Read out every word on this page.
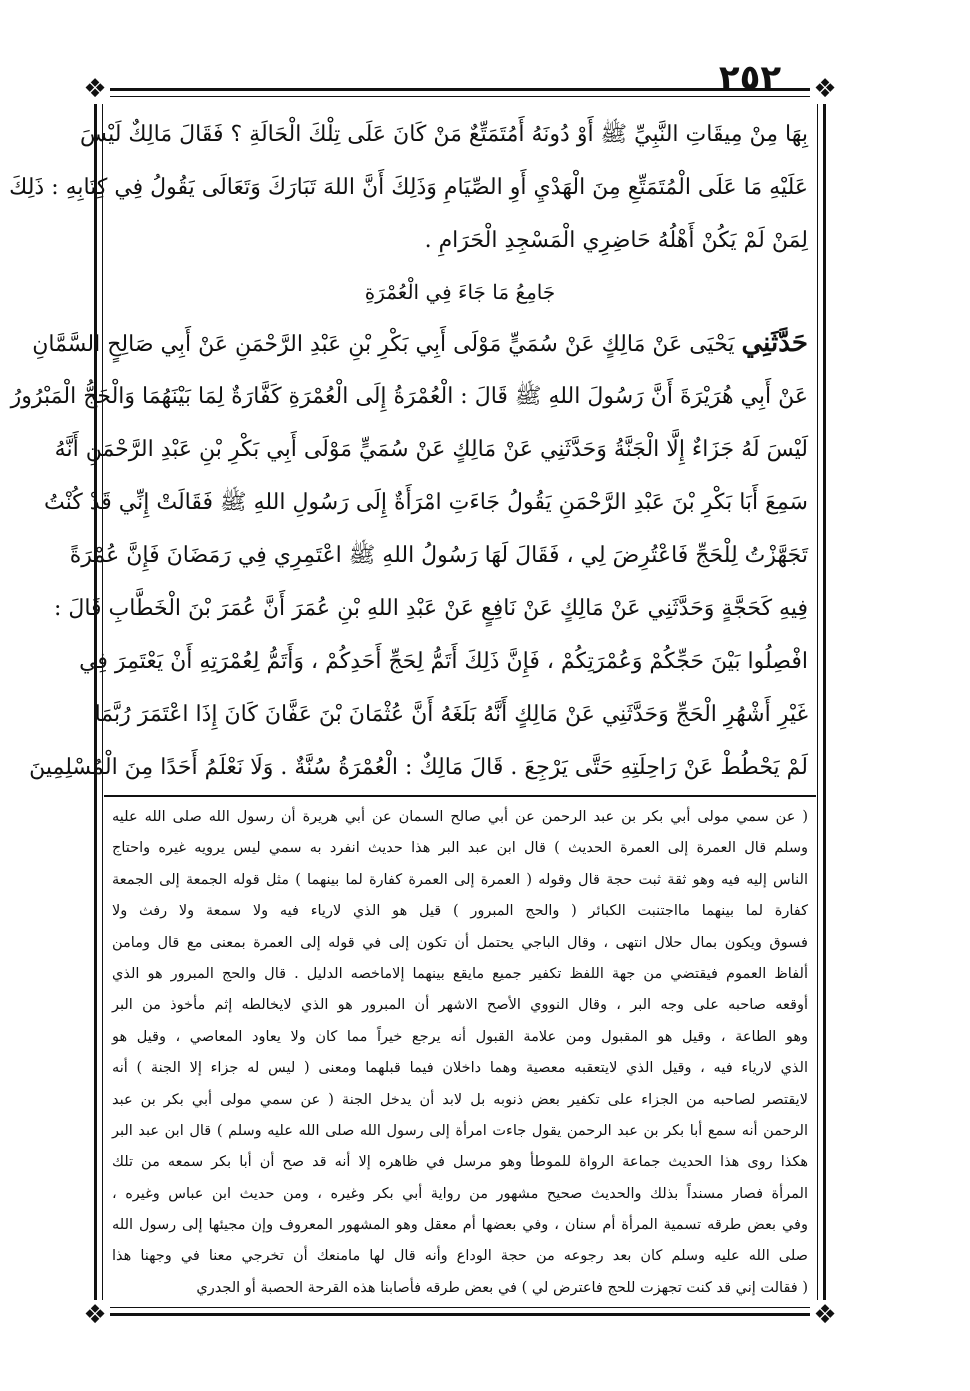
٢٥٢
❖	❖
❖	❖
بِهَا مِنْ مِيقَاتِ النَّبِيِّ ﷺ أَوْ دُونَهُ أَمُتَمَتِّعٌ مَنْ كَانَ عَلَى تِلْكَ الْحَالَةِ ؟ فَقَالَ مَالِكٌ لَيْسَ
عَلَيْهِ مَا عَلَى الْمُتَمَتِّعِ مِنَ الْهَدْيِ أَوِ الصِّيَامِ وَذَلِكَ أَنَّ اللهَ تَبَارَكَ وَتَعَالَى يَقُولُ فِي كِتَابِهِ : ذَلِكَ
لِمَنْ لَمْ يَكُنْ أَهْلُهُ حَاضِرِي الْمَسْجِدِ الْحَرَامِ .
جَامِعُ مَا جَاءَ فِي الْعُمْرَةِ
حَدَّثَنِي يَحْيَى عَنْ مَالِكٍ عَنْ سُمَيٍّ مَوْلَى أَبِي بَكْرِ بْنِ عَبْدِ الرَّحْمَنِ عَنْ أَبِي صَالِحٍ السَّمَّانِ
عَنْ أَبِي هُرَيْرَةَ أَنَّ رَسُولَ اللهِ ﷺ قَالَ : الْعُمْرَةُ إِلَى الْعُمْرَةِ كَفَّارَةٌ لِمَا بَيْنَهُمَا وَالْحَجُّ الْمَبْرُورُ
لَيْسَ لَهُ جَزَاءٌ إِلَّا الْجَنَّةُ وَحَدَّثَنِي عَنْ مَالِكٍ عَنْ سُمَيٍّ مَوْلَى أَبِي بَكْرِ بْنِ عَبْدِ الرَّحْمَنِ أَنَّهُ
سَمِعَ أَبَا بَكْرِ بْنَ عَبْدِ الرَّحْمَنِ يَقُولُ جَاءَتِ امْرَأَةٌ إِلَى رَسُولِ اللهِ ﷺ فَقَالَتْ إِنِّي قَدْ كُنْتُ
تَجَهَّزْتُ لِلْحَجِّ فَاعْتُرِضَ لِي ، فَقَالَ لَهَا رَسُولُ اللهِ ﷺ اعْتَمِرِي فِي رَمَضَانَ فَإِنَّ عُمْرَةً
فِيهِ كَحَجَّةٍ وَحَدَّثَنِي عَنْ مَالِكٍ عَنْ نَافِعٍ عَنْ عَبْدِ اللهِ بْنِ عُمَرَ أَنَّ عُمَرَ بْنَ الْخَطَّابِ قَالَ :
افْصِلُوا بَيْنَ حَجِّكُمْ وَعُمْرَتِكُمْ ، فَإِنَّ ذَلِكَ أَتَمُّ لِحَجِّ أَحَدِكُمْ ، وَأَتَمُّ لِعُمْرَتِهِ أَنْ يَعْتَمِرَ فِي
غَيْرِ أَشْهُرِ الْحَجِّ وَحَدَّثَنِي عَنْ مَالِكٍ أَنَّهُ بَلَغَهُ أَنَّ عُثْمَانَ بْنَ عَفَّانَ كَانَ إِذَا اعْتَمَرَ رُبَّمَا
لَمْ يَحْطُطْ عَنْ رَاحِلَتِهِ حَتَّى يَرْجِعَ . قَالَ مَالِكٌ : الْعُمْرَةُ سُنَّةٌ . وَلَا نَعْلَمُ أَحَدًا مِنَ الْمُسْلِمِينَ
( عن سمي مولى أبي بكر بن عبد الرحمن عن أبي صالح السمان عن أبي هريرة أن رسول الله صلى الله عليه
وسلم قال العمرة إلى العمرة الحديث ) قال ابن عبد البر هذا حديث انفرد به سمي ليس يرويه غيره واحتاج
الناس إليه فيه وهو ثقة ثبت حجة قال وقوله ( العمرة إلى العمرة كفارة لما بينهما ) مثل قوله الجمعة إلى الجمعة
كفارة لما بينهما مااجتنبت الكبائر ( والحج المبرور ) قيل هو الذي لارياء فيه ولا سمعة ولا رفث ولا
فسوق ويكون بمال حلال انتهى ، وقال الباجي يحتمل أن تكون إلى في قوله إلى العمرة بمعنى مع قال ومامن
ألفاظ العموم فيقتضي من جهة اللفظ تكفير جميع مايقع بينهما إلاماخصه الدليل . قال والحج المبرور هو الذي
أوقعه صاحبه على وجه البر ، وقال النووي الأصح الاشهر أن المبرور هو الذي لايخالطه إثم مأخوذ من البر
وهو الطاعة ، وقيل هو المقبول ومن علامة القبول أنه يرجع خيراً مما كان ولا يعاود المعاصي ، وقيل هو
الذي لارياء فيه ، وقيل الذي لايتعقبه معصية وهما داخلان فيما قبلهما ومعنى ( ليس له جزاء إلا الجنة ) أنه
لايقتصر لصاحبه من الجزاء على تكفير بعض ذنوبه بل لابد أن يدخل الجنة ( عن سمي مولى أبي بكر بن عبد
الرحمن أنه سمع أبا بكر بن عبد الرحمن يقول جاءت امرأة إلى رسول الله صلى الله عليه وسلم ) قال ابن عبد البر
هكذا روى هذا الحديث جماعة الرواة للموطأ وهو مرسل في ظاهره إلا أنه قد صح أن أبا بكر سمعه من تلك
المرأة فصار مسنداً بذلك والحديث صحيح مشهور من رواية أبي بكر وغيره ، ومن حديث ابن عباس وغيره ،
وفي بعض طرقه تسمية المرأة أم سنان ، وفي بعضها أم معقل وهو المشهور المعروف وإن مجيئها إلى رسول الله
صلى الله عليه وسلم كان بعد رجوعه من حجة الوداع وأنه قال لها مامنعك أن تخرجي معنا في وجهنا هذا
( فقالت إني قد كنت تجهزت للحج فاعترض لي ) في بعض طرقه فأصابنا هذه القرحة الحصبة أو الجدري
